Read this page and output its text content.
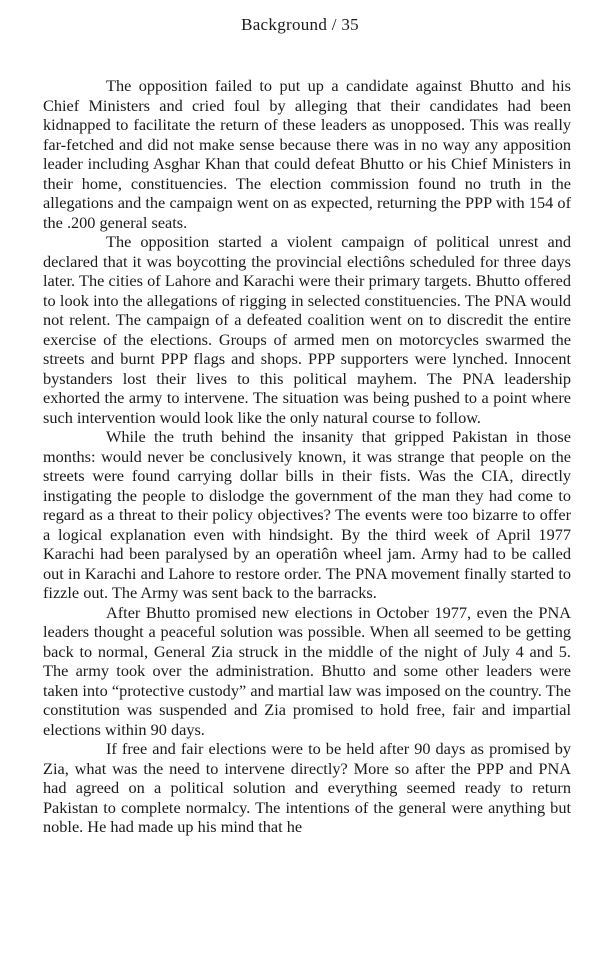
Background / 35

The opposition failed to put up a candidate against Bhutto and his Chief Ministers and cried foul by alleging that their candidates had been kidnapped to facilitate the return of these leaders as unopposed. This was really far-fetched and did not make sense because there was in no way any apposition leader including Asghar Khan that could defeat Bhutto or his Chief Ministers in their home, constituencies. The election commission found no truth in the allegations and the campaign went on as expected, returning the PPP with 154 of the .200 general seats.

The opposition started a violent campaign of political unrest and declared that it was boycotting the provincial electiôns scheduled for three days later. The cities of Lahore and Karachi were their primary targets. Bhutto offered to look into the allegations of rigging in selected constituencies. The PNA would not relent. The campaign of a defeated coalition went on to discredit the entire exercise of the elections. Groups of armed men on motorcycles swarmed the streets and burnt PPP flags and shops. PPP supporters were lynched. Innocent bystanders lost their lives to this political mayhem. The PNA leadership exhorted the army to intervene. The situation was being pushed to a point where such intervention would look like the only natural course to follow.

While the truth behind the insanity that gripped Pakistan in those months: would never be conclusively known, it was strange that people on the streets were found carrying dollar bills in their fists. Was the CIA, directly instigating the people to dislodge the government of the man they had come to regard as a threat to their policy objectives? The events were too bizarre to offer a logical explanation even with hindsight. By the third week of April 1977 Karachi had been paralysed by an operatiôn wheel jam. Army had to be called out in Karachi and Lahore to restore order. The PNA movement finally started to fizzle out. The Army was sent back to the barracks.

After Bhutto promised new elections in October 1977, even the PNA leaders thought a peaceful solution was possible. When all seemed to be getting back to normal, General Zia struck in the middle of the night of July 4 and 5. The army took over the administration. Bhutto and some other leaders were taken into “protective custody” and martial law was imposed on the country. The constitution was suspended and Zia promised to hold free, fair and impartial elections within 90 days.

If free and fair elections were to be held after 90 days as promised by Zia, what was the need to intervene directly? More so after the PPP and PNA had agreed on a political solution and everything seemed ready to return Pakistan to complete normalcy. The intentions of the general were anything but noble. He had made up his mind that he
